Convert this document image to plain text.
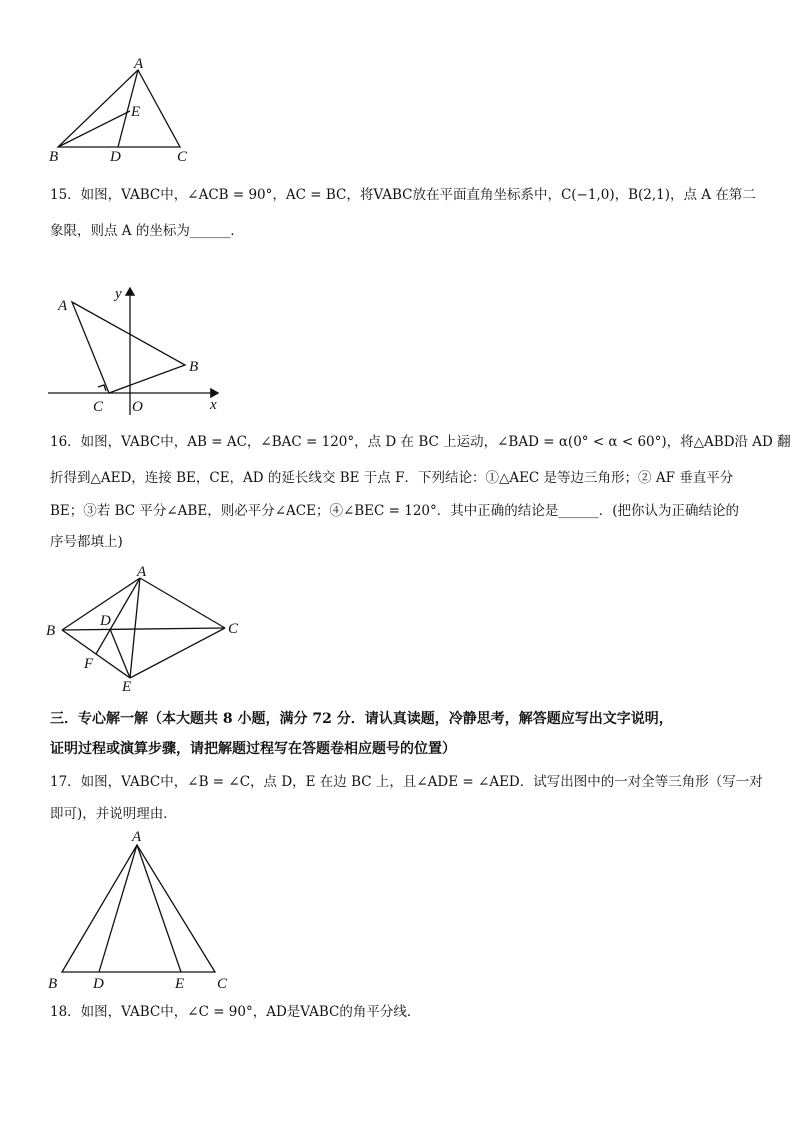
A
B	D	C
E
15．如图，VABC中，∠ACB = 90°，AC = BC，将VABC放在平面直角坐标系中，C(−1,0)，B(2,1)，点 A 在第二
象限，则点 A 的坐标为______．
A
B
C O	x
y
16．如图，VABC中，AB = AC，∠BAC = 120°，点 D 在 BC 上运动，∠BAD = α(0° < α < 60°)，将△ABD沿 AD 翻
折得到△AED，连接 BE，CE，AD 的延长线交 BE 于点 F．下列结论：①△AEC 是等边三角形；② AF 垂直平分
BE；③若 BC 平分∠ABE，则必平分∠ACE；④∠BEC = 120°．其中正确的结论是______．(把你认为正确结论的
序号都填上)
A
B	C
D
E
F
三．专心解一解（本大题共 8 小题，满分 72 分．请认真读题，冷静思考，解答题应写出文字说明，
证明过程或演算步骤，请把解题过程写在答题卷相应题号的位置）
17．如图，VABC中，∠B = ∠C，点 D，E 在边 BC 上，且∠ADE = ∠AED．试写出图中的一对全等三角形（写一对
即可)，并说明理由．
A
B D	E C
18．如图，VABC中，∠C = 90°，AD是VABC的角平分线．
